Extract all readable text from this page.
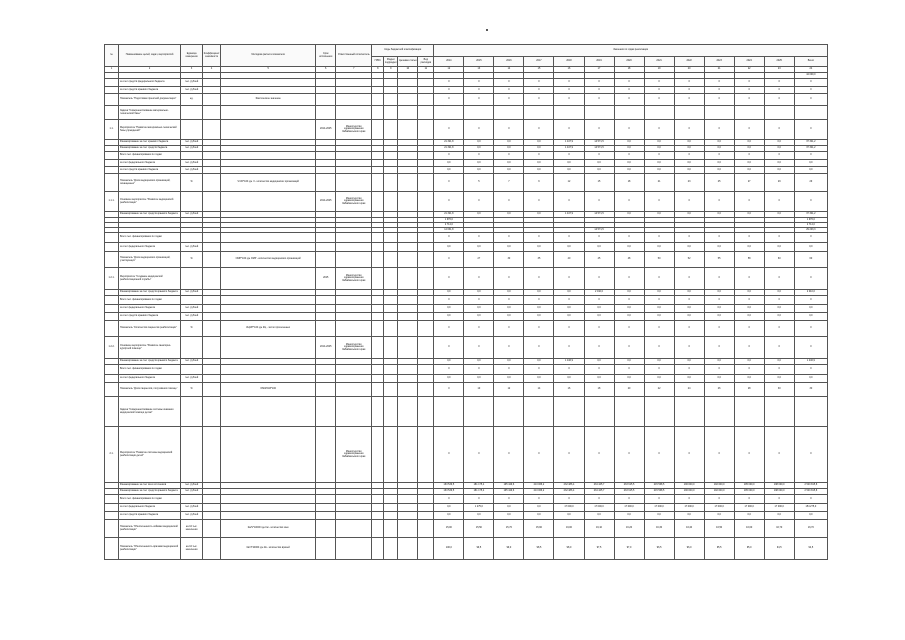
№	Наименование целей, задач, мероприятий	Единица измерения	Коэффициент значимости	Методика расчета показателя	Срок исполнения	Ответственный исполнитель	Коды бюджетной классификации				Значения по годам реализации												
							ГРБС	Раздел подраздел	Целевая статья	Вид расходов	2014	2015	2016	2017	2018	2019	2020	2021	2022	2023	2024	2025	Всего
1	2	3	4	5	6	7	8	9	10	11	12	13	14	15	16	17	18	19	20	21	22	23	24
																							44 000,0
	за счет средств федерального бюджета	тыс. рублей									0	0	0	0	0	0	0	0	0	0	0	0	0
	за счет средств краевого бюджета	тыс. рублей									0	0	0	0	0	0	0	0	0	0	0	0	0
	Показатель "Подготовка проектной документации"	ед.		Фактическое значение							0	0	0	0	0	0	0	0	0	0	0	0	0
	Задача "Совершенствование материально-технической базы"																						
1.1.	Мероприятие "Развитие материально-технической базы учреждений"				2014-2025	Министерство здравоохранения Забайкальского края					0	0	0	0	0	0	0	0	0	0	0	0	0
	Финансирование за счет краевого бюджета	тыс. рублей									21 321,8	0,0	0,0	0,0	1 447,9	14 571,5	0,0	0,0	0,0	0,0	0,0	0,0	37 341,2
	Финансирование за счет средств бюджета	тыс. рублей									21 321,8	0,0	0,0	0,0	1 447,9	14 571,5	0,0	0,0	0,0	0,0	0,0	0,0	37 341,2
	Всего тыс. финансирования по годам										0	0	0	0	0	0	0	0	0	0	0	0	0
	за счет федерального бюджета	тыс. рублей									0,0	0,0	0,0	0,0	0,0	0,0	0,0	0,0	0,0	0,0	0,0	0,0	0,0
	за счет средств краевого бюджета	тыс. рублей									0,0	0,0	0,0	0,0	0,0	0,0	0,0	0,0	0,0	0,0	0,0	0,0	0,0
	Показатель "Доля медицинских организаций, оснащенных"	%		Ч/ЧО*100 где Ч - количество медицинских организаций							0	5	7	9	12	15	18	21	23	25	27	29	29
1.1.1.	Основное мероприятие "Развитие медицинской реабилитации"				2014-2025	Министерство здравоохранения Забайкальского края					0	0	0	0	0	0	0	0	0	0	0	0	0
	Финансирование за счет средств краевого бюджета	тыс. рублей									21 321,8	0,0	0,0	0,0	1 447,9	14 571,5	0,0	0,0	0,0	0,0	0,0	0,0	37 341,2
											1 976,0												1 976,0
											2 714,0												2 714,0
											14 631,8					14 571,5							29 203,3
	Всего тыс. финансирования по годам										0	0	0	0	0	0	0	0	0	0	0	0	0
	за счет федерального бюджета	тыс. рублей									0,0	0,0	0,0	0,0	0,0	0,0	0,0	0,0	0,0	0,0	0,0	0,0	0,0
	Показатель "Доля медицинских организаций, участвующих"	%		ОМР*100 где ОМР - количество медицинских организаций							0	27	30	35	40	45	48	50	52	55	58	60	60
1.2.1.	Мероприятие "Создание медицинской реабилитационной службы"				2015	Министерство здравоохранения Забайкальского края					0	0	0	0	0	0	0	0	0	0	0	0	0
	Финансирование за счет средств краевого бюджета	тыс. рублей									0,0	0,0	0,0	0,0	0,0	2 010,0	0,0	0,0	0,0	0,0	0,0	0,0	2 010,0
	Всего тыс. финансирования по годам										0	0	0	0	0	0	0	0	0	0	0	0	0
	за счет федерального бюджета	тыс. рублей									0,0	0,0	0,0	0,0	0,0	0,0	0,0	0,0	0,0	0,0	0,0	0,0	0,0
	за счет средств краевого бюджета	тыс. рублей									0,0	0,0	0,0	0,0	0,0	0,0	0,0	0,0	0,0	0,0	0,0	0,0	0,0
	Показатель "Количество пациентов реабилитации"	%		КЦ/КП*100 где КЦ - число пролеченных							0	0	0	0	0	0	0	0	0	0	0	0	0
1.2.2.	Основное мероприятие "Развитие санаторно-курортной помощи"				2014-2025	Министерство здравоохранения Забайкальского края					0	0	0	0	0	0	0	0	0	0	0	0	0
	Финансирование за счет средств краевого бюджета	тыс. рублей									0,0	0,0	0,0	0,0	1 446,9	0,0	0,0	0,0	0,0	0,0	0,0	0,0	1 446,9
	Всего тыс. финансирования по годам										0	0	0	0	0	0	0	0	0	0	0	0	0
	за счет федерального бюджета	тыс. рублей									0,0	0,0	0,0	0,0	0,0	0,0	0,0	0,0	0,0	0,0	0,0	0,0	0,0
	Показатель "Доля пациентов, получивших помощь"	%		ОМЗ/ОКЗ*100							0	10	12	14	16	18	20	22	24	26	28	30	30
	Задача "Совершенствование системы оказания медицинской помощи детям"																						
2.1.	Мероприятие "Развитие системы медицинской реабилитации детей"					Министерство здравоохранения Забайкальского края					0	0	0	0	0	0	0	0	0	0	0	0	0
	Финансирование за счет всех источников	тыс. рублей									163 539,5	181 175,4	195 429,6	213 066,2	232 486,4	234 445,7	233 615,5	215 568,5	190 000,0	192 000,0	195 000,0	198 000,0	2 543 815,8
	Финансирование за счет средств краевого бюджета	тыс. рублей									163 539,5	181 175,4	195 429,6	213 066,2	232 486,4	234 445,7	233 615,5	215 568,5	190 000,0	192 000,0	195 000,0	198 000,0	2 543 815,8
	Всего тыс. финансирования по годам										0	0	0	0	0	0	0	0	0	0	0	0	0
	за счет федерального бюджета	тыс. рублей									0,0	1 275,0	0,0	0,0	17 000,0	17 000,0	17 000,0	17 000,0	17 000,0	17 000,0	17 000,0	17 000,0	154 275,0
	за счет средств краевого бюджета	тыс. рублей									0,0	0,0	0,0	0,0	0,0	0,0	0,0	0,0	0,0	0,0	0,0	0,0	0,0
	Показатель "Обеспеченность койками медицинской реабилитации"	на 10 тыс. населения		Км/Ч*10000 где Км - количество коек							15,00	15,50	15,70	15,90	16,00	16,10	16,20	16,30	16,40	16,50	16,60	16,70	16,70
	Показатель "Обеспеченность врачами медицинской реабилитации"	на 10 тыс. населения		Кв/Ч*10000 где Кв - количество врачей							100,0	99,5	99,0	98,5	98,0	97,5	97,0	96,5	96,0	95,5	95,0	94,5	94,5
